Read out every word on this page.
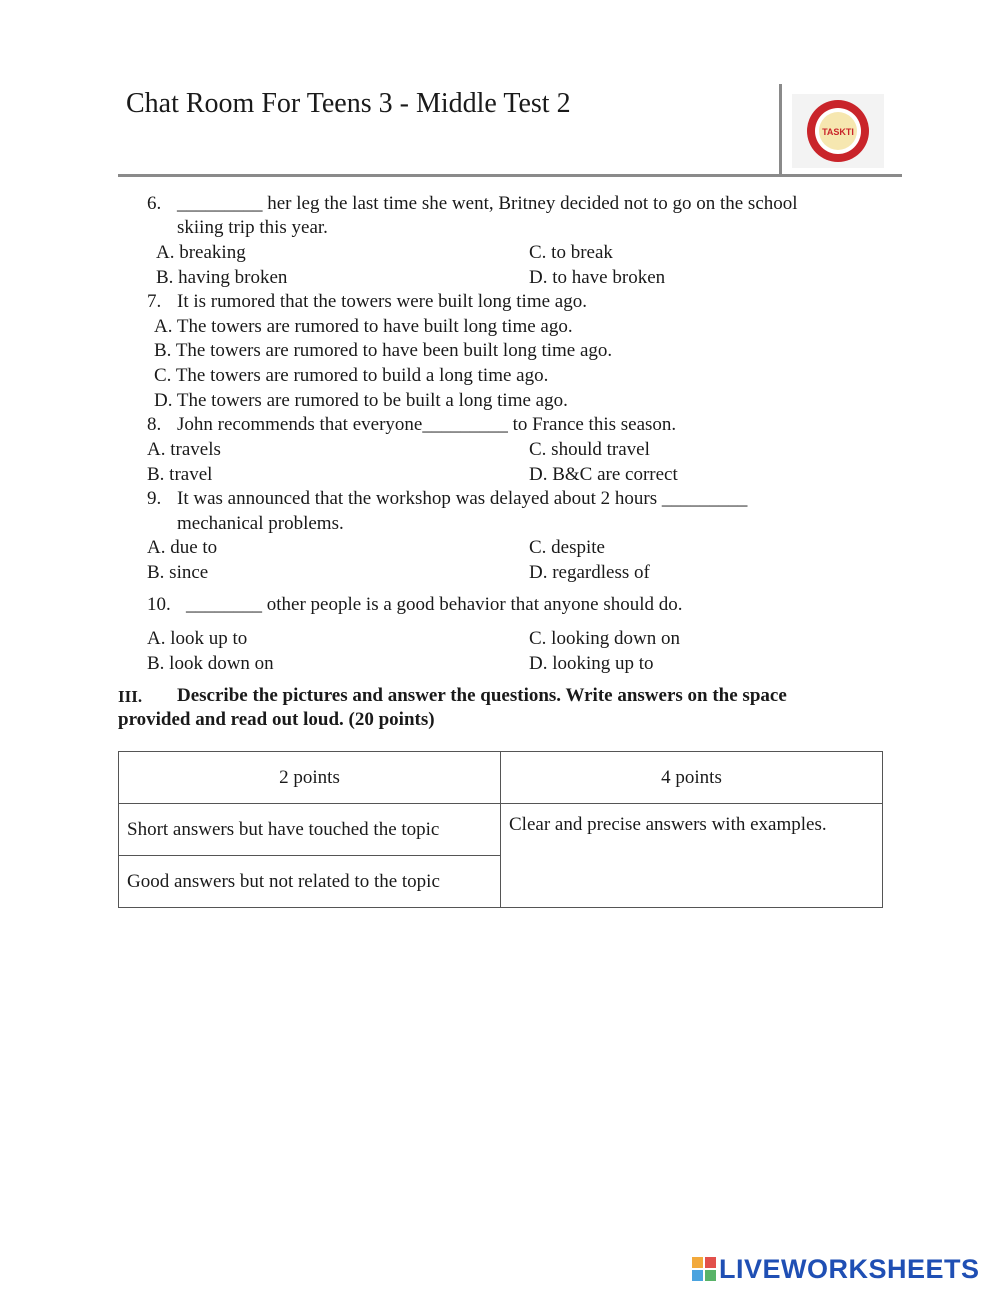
Chat Room For Teens 3 - Middle Test 2
TASKTI
6. _________ her leg the last time she went, Britney decided not to go on the school
skiing trip this year.
A. breaking	C. to break
B. having broken	D. to have broken
7. It is rumored that the towers were built long time ago.
A. The towers are rumored to have built long time ago.
B. The towers are rumored to have been built long time ago.
C. The towers are rumored to build a long time ago.
D. The towers are rumored to be built a long time ago.
8. John recommends that everyone_________ to France this season.
A. travels	C. should travel
B. travel	D. B&C are correct
9. It was announced that the workshop was delayed about 2 hours _________
mechanical problems.
A. due to	C. despite
B. since	D. regardless of
10. ________ other people is a good behavior that anyone should do.
A. look up to	C. looking down on
B. look down on	D. looking up to
III. Describe the pictures and answer the questions. Write answers on the space
provided and read out loud. (20 points)
2 points	4 points
Short answers but have touched the topic	Clear and precise answers with examples.
Good answers but not related to the topic	
LIVEWORKSHEETS
